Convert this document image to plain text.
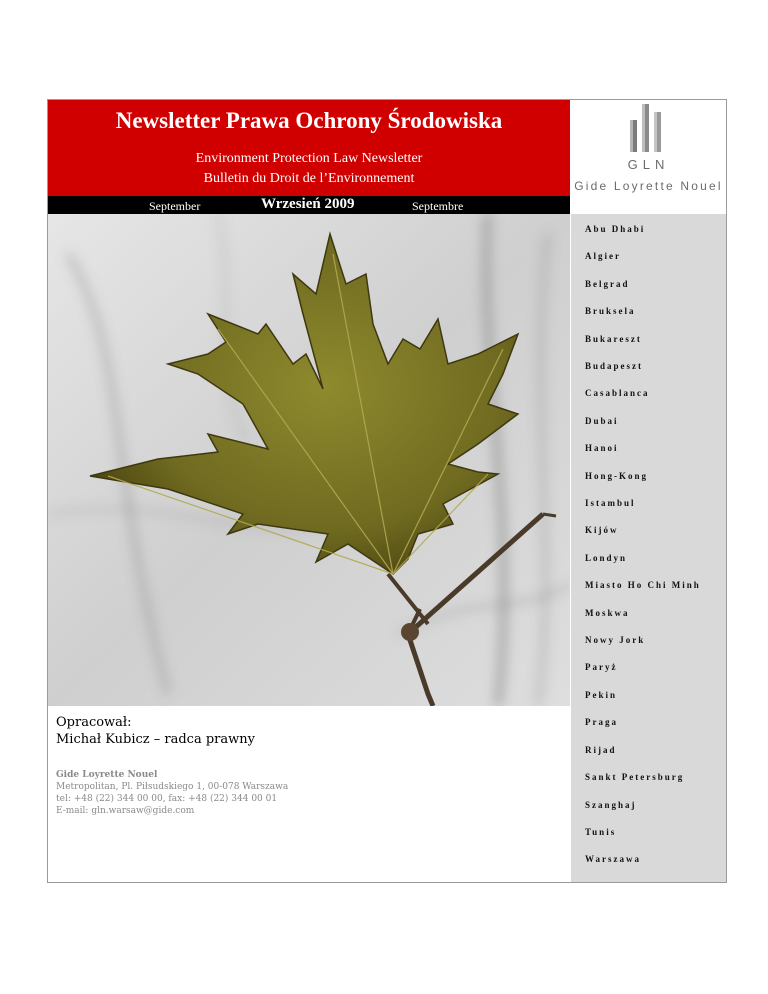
Newsletter Prawa Ochrony Środowiska
Environment Protection Law Newsletter
Bulletin du Droit de l’Environnement
September	Wrzesień 2009	Septembre
GLN
Gide Loyrette Nouel
Abu Dhabi
Algier
Belgrad
Bruksela
Bukareszt
Budapeszt
Casablanca
Dubai
Hanoi
Hong-Kong
Istambul
Kijów
Londyn
Miasto Ho Chi Minh
Moskwa
Nowy Jork
Paryż
Pekin
Praga
Rijad
Sankt Petersburg
Szanghaj
Tunis
Warszawa
Opracował:
Michał Kubicz – radca prawny
Gide Loyrette Nouel
Metropolitan, Pl. Piłsudskiego 1, 00-078 Warszawa
tel: +48 (22) 344 00 00, fax: +48 (22) 344 00 01
E-mail: gln.warsaw@gide.com
